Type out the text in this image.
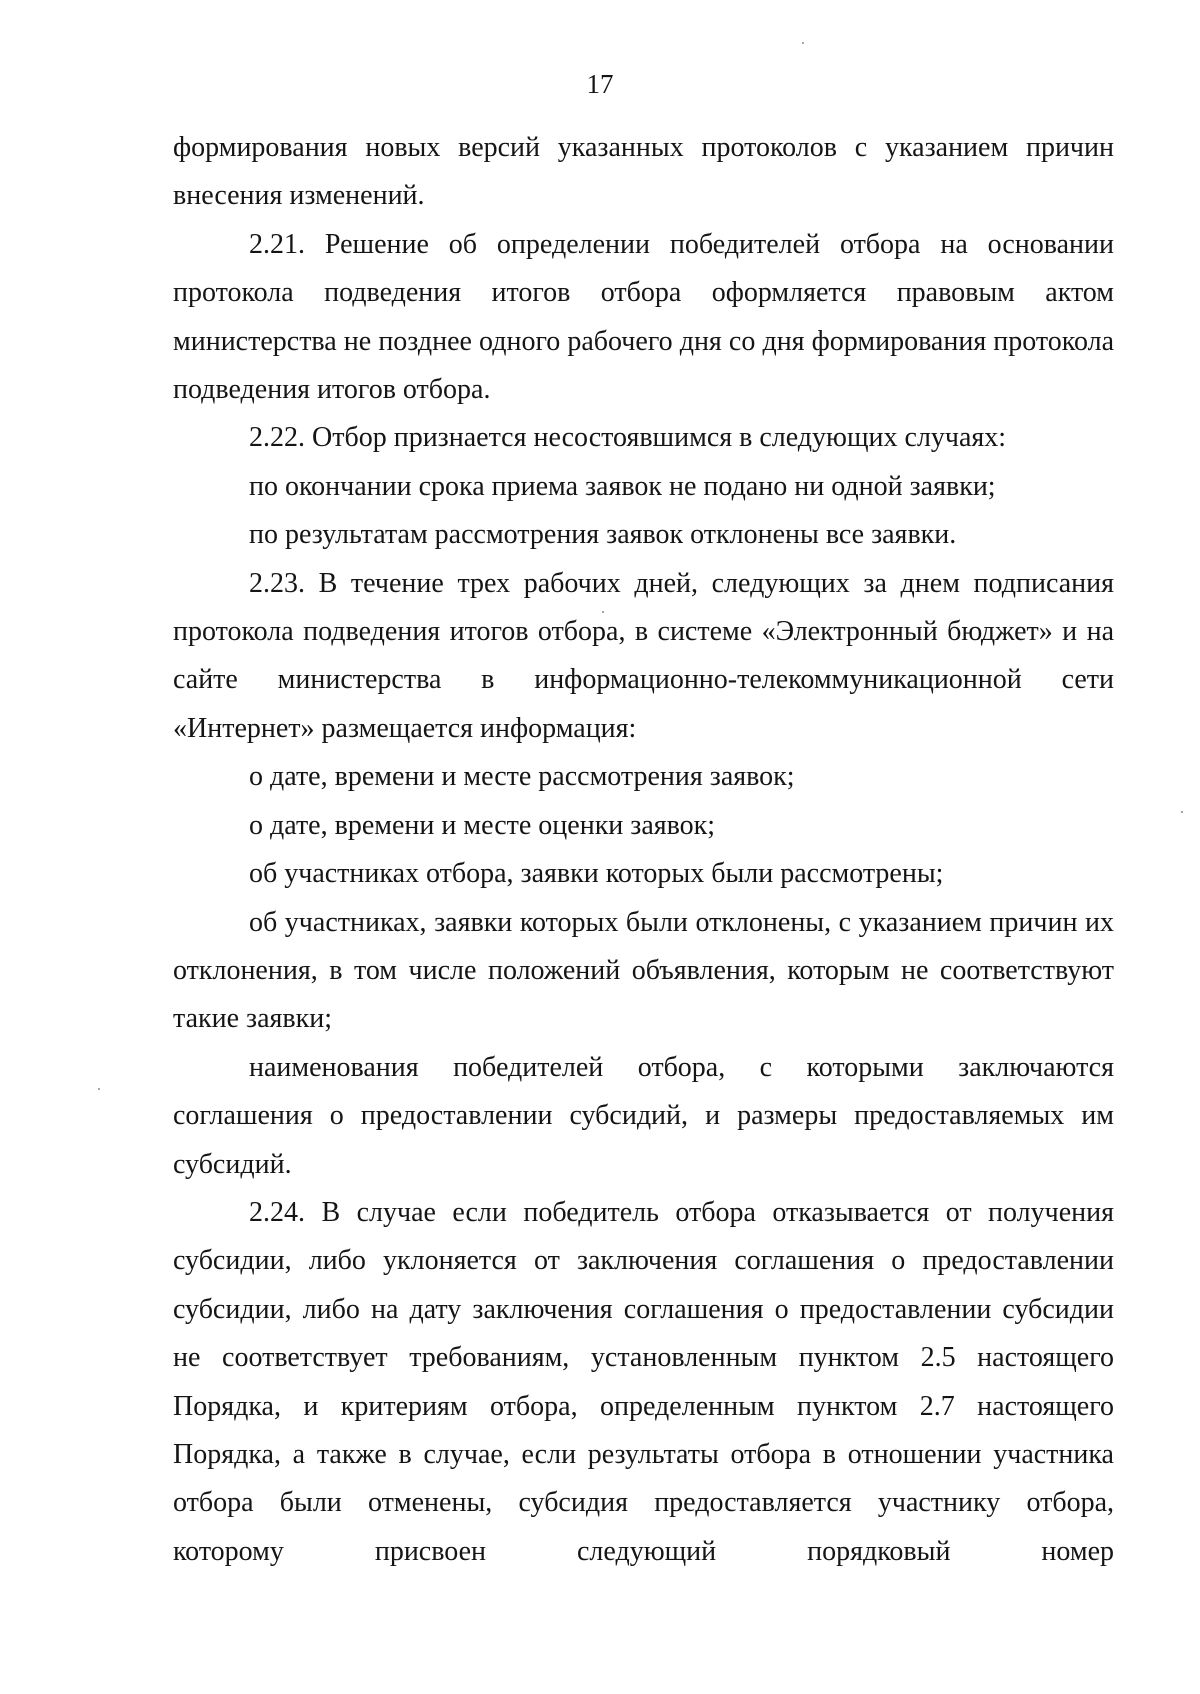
17

формирования новых версий указанных протоколов с указанием причин внесения изменений.

2.21. Решение об определении победителей отбора на основании протокола подведения итогов отбора оформляется правовым актом министерства не позднее одного рабочего дня со дня формирования протокола подведения итогов отбора.

2.22. Отбор признается несостоявшимся в следующих случаях:

по окончании срока приема заявок не подано ни одной заявки;

по результатам рассмотрения заявок отклонены все заявки.

2.23. В течение трех рабочих дней, следующих за днем подписания протокола подведения итогов отбора, в системе «Электронный бюджет» и на сайте министерства в информационно-телекоммуникационной сети «Интернет» размещается информация:

о дате, времени и месте рассмотрения заявок;

о дате, времени и месте оценки заявок;

об участниках отбора, заявки которых были рассмотрены;

об участниках, заявки которых были отклонены, с указанием причин их отклонения, в том числе положений объявления, которым не соответствуют такие заявки;

наименования победителей отбора, с которыми заключаются соглашения о предоставлении субсидий, и размеры предоставляемых им субсидий.

2.24. В случае если победитель отбора отказывается от получения субсидии, либо уклоняется от заключения соглашения о предоставлении субсидии, либо на дату заключения соглашения о предоставлении субсидии не соответствует требованиям, установленным пунктом 2.5 настоящего Порядка, и критериям отбора, определенным пунктом 2.7 настоящего Порядка, а также в случае, если результаты отбора в отношении участника отбора были отменены, субсидия предоставляется участнику отбора, которому присвоен следующий порядковый номер
